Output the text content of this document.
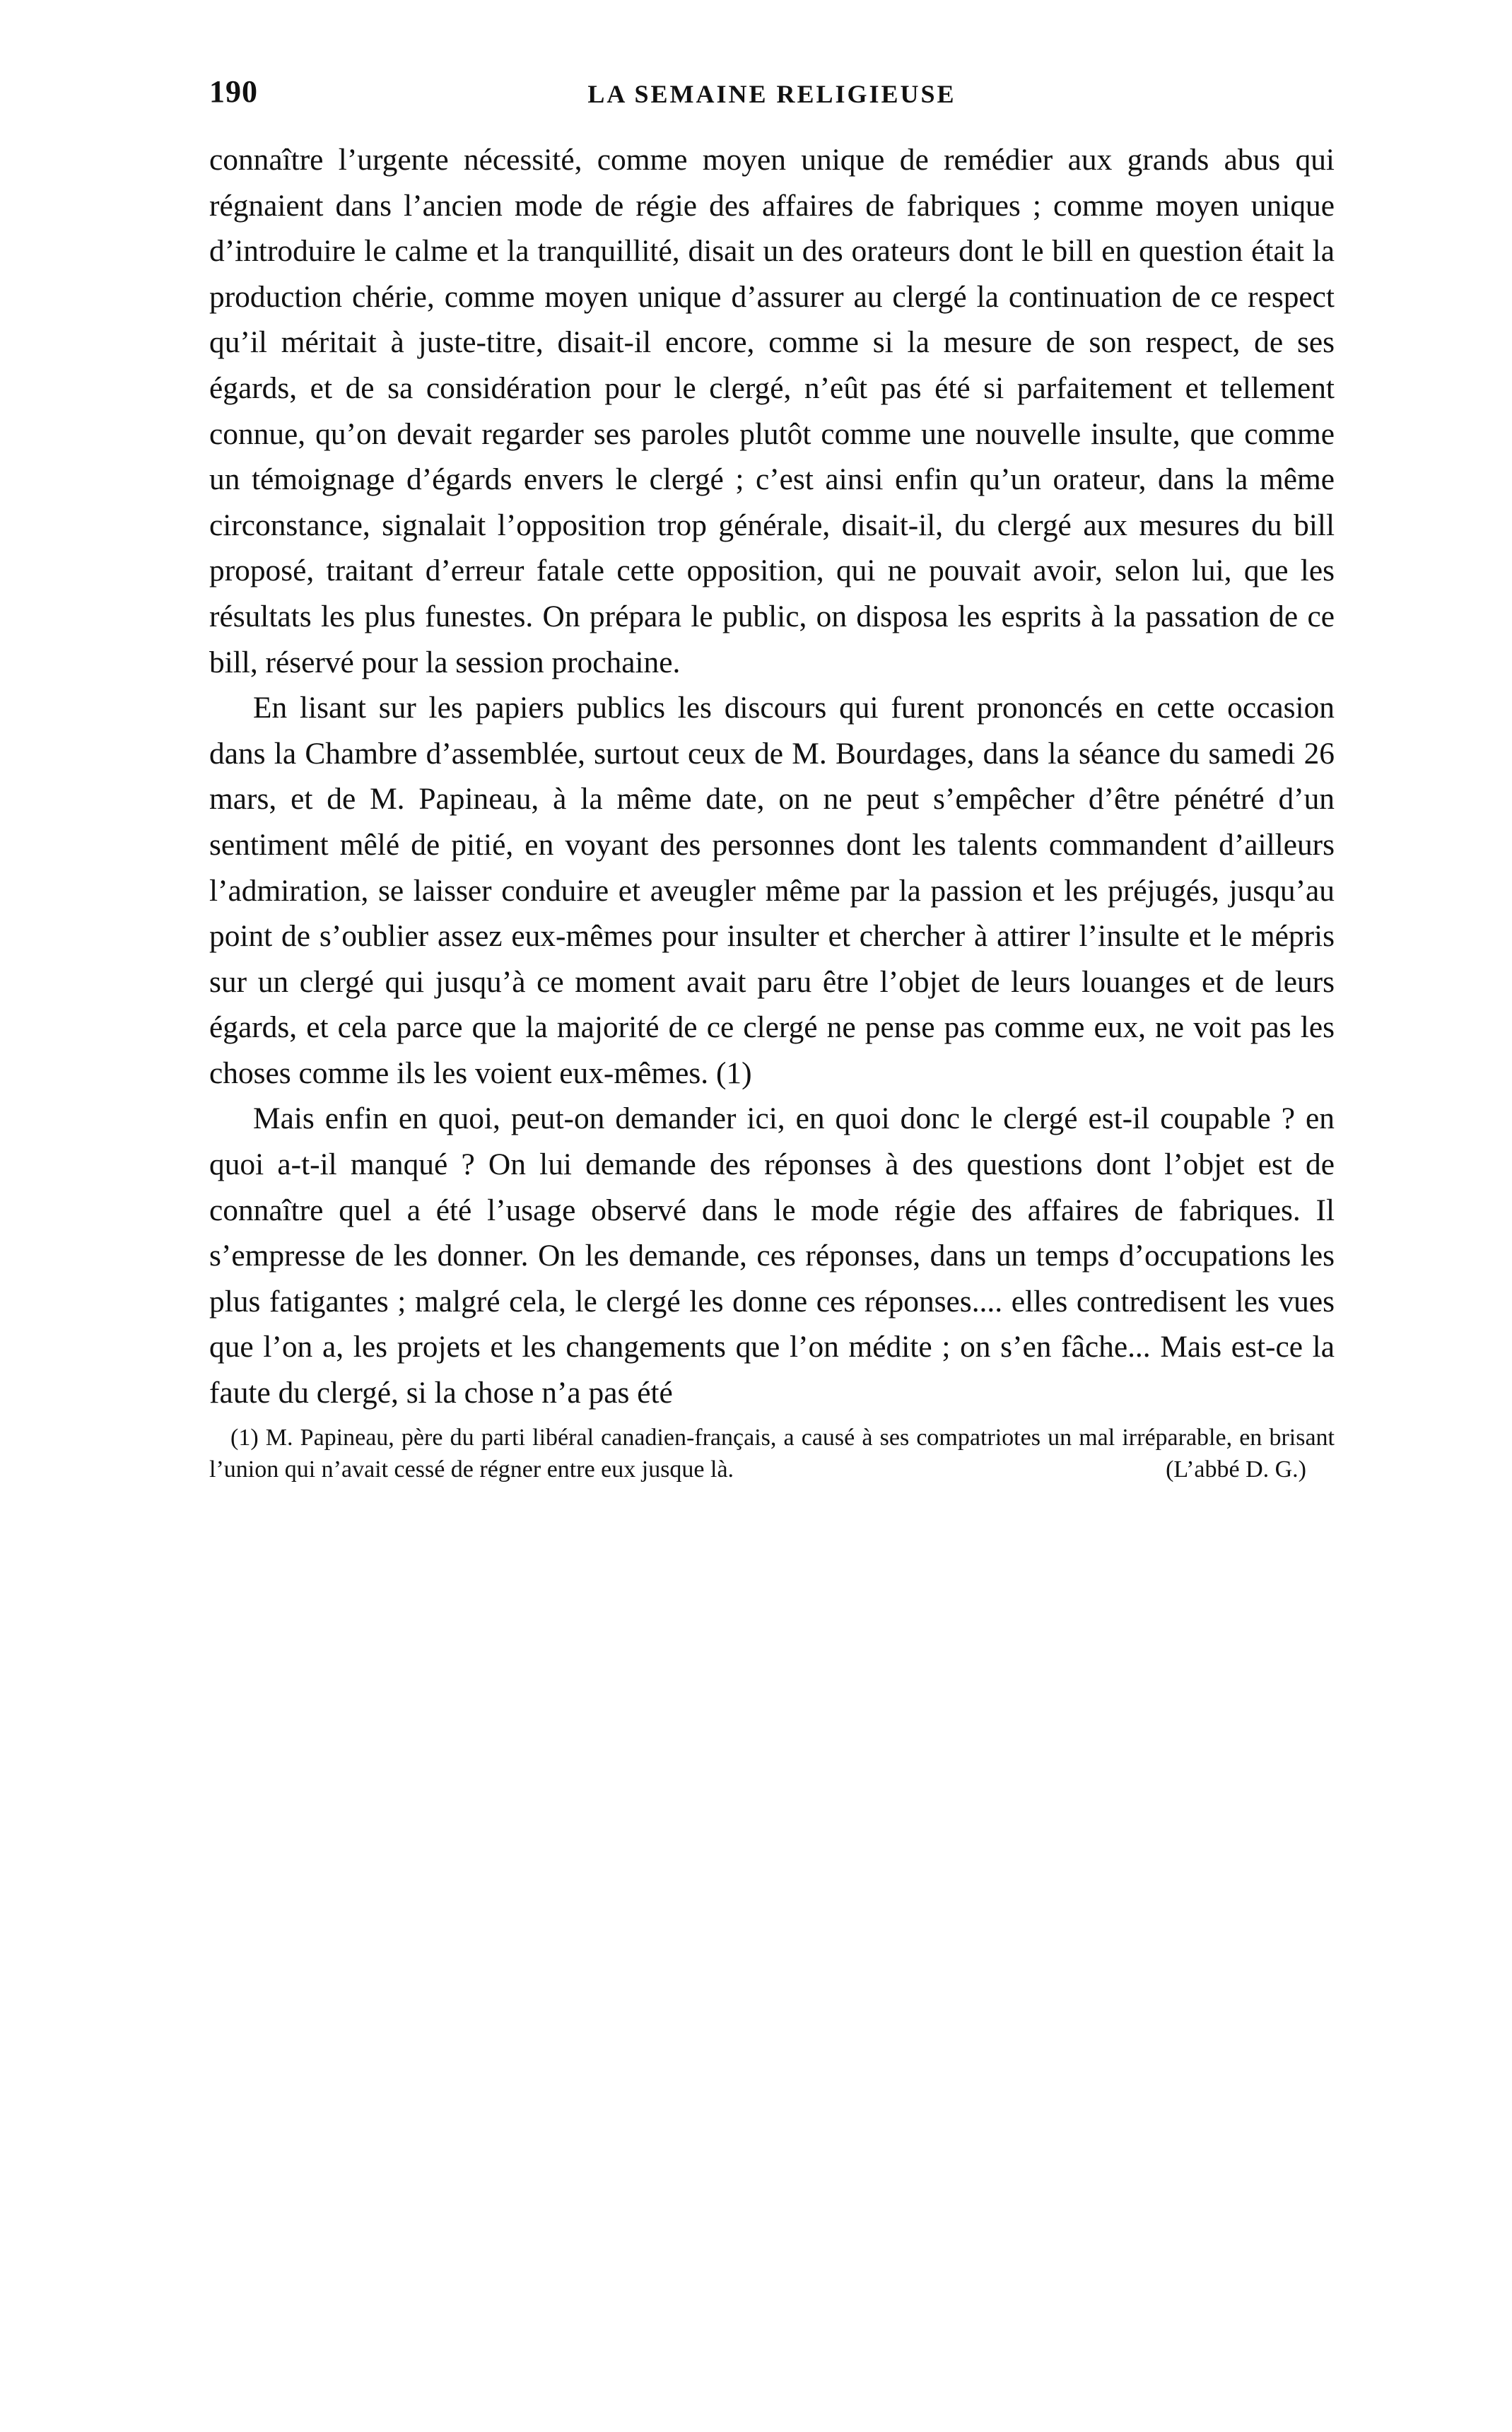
190	LA SEMAINE RELIGIEUSE

connaître l’urgente nécessité, comme moyen unique de remédier aux grands abus qui régnaient dans l’ancien mode de régie des affaires de fabriques ; comme moyen unique d’introduire le calme et la tranquillité, disait un des orateurs dont le bill en question était la production chérie, comme moyen unique d’assurer au clergé la continuation de ce respect qu’il méritait à juste-titre, disait-il encore, comme si la mesure de son respect, de ses égards, et de sa considération pour le clergé, n’eût pas été si parfaitement et tellement connue, qu’on devait regarder ses paroles plutôt comme une nouvelle insulte, que comme un témoignage d’égards envers le clergé ; c’est ainsi enfin qu’un orateur, dans la même circonstance, signalait l’opposition trop générale, disait-il, du clergé aux mesures du bill proposé, traitant d’erreur fatale cette opposition, qui ne pouvait avoir, selon lui, que les résultats les plus funestes. On prépara le public, on disposa les esprits à la passation de ce bill, réservé pour la session prochaine.

En lisant sur les papiers publics les discours qui furent prononcés en cette occasion dans la Chambre d’assemblée, surtout ceux de M. Bourdages, dans la séance du samedi 26 mars, et de M. Papineau, à la même date, on ne peut s’empêcher d’être pénétré d’un sentiment mêlé de pitié, en voyant des personnes dont les talents commandent d’ailleurs l’admiration, se laisser conduire et aveugler même par la passion et les préjugés, jusqu’au point de s’oublier assez eux-mêmes pour insulter et chercher à attirer l’insulte et le mépris sur un clergé qui jusqu’à ce moment avait paru être l’objet de leurs louanges et de leurs égards, et cela parce que la majorité de ce clergé ne pense pas comme eux, ne voit pas les choses comme ils les voient eux-mêmes. (1)

Mais enfin en quoi, peut-on demander ici, en quoi donc le clergé est-il coupable ? en quoi a-t-il manqué ? On lui demande des réponses à des questions dont l’objet est de connaître quel a été l’usage observé dans le mode régie des affaires de fabriques. Il s’empresse de les donner. On les demande, ces réponses, dans un temps d’occupations les plus fatigantes ; malgré cela, le clergé les donne ces réponses.... elles contredisent les vues que l’on a, les projets et les changements que l’on médite ; on s’en fâche... Mais est-ce la faute du clergé, si la chose n’a pas été

(1) M. Papineau, père du parti libéral canadien-français, a causé à ses compatriotes un mal irréparable, en brisant l’union qui n’avait cessé de régner entre eux jusque là.	(L’abbé D. G.)
